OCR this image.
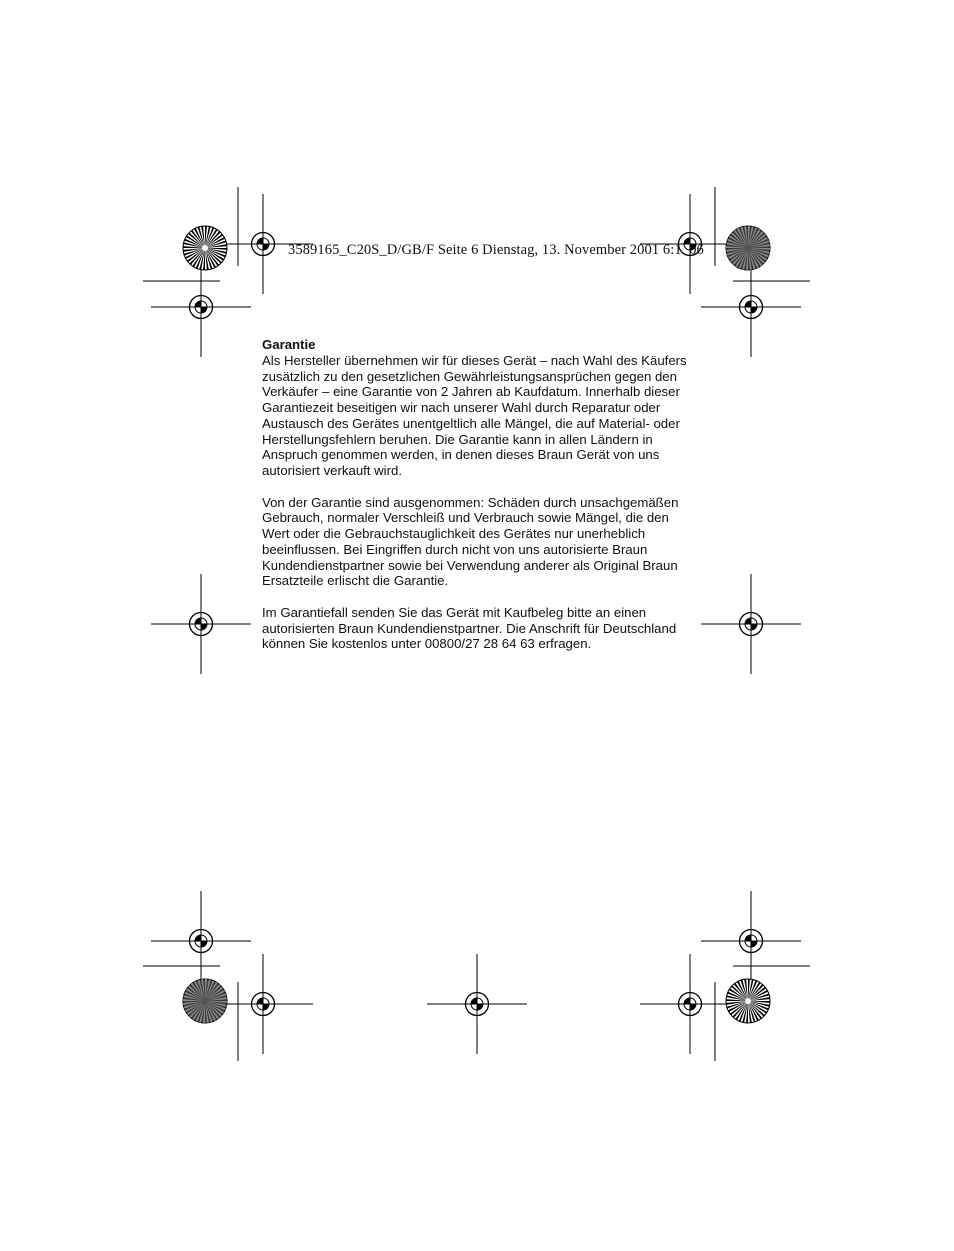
3589165_C20S_D/GB/F Seite 6 Dienstag, 13. November 2001 6:1  06
Garantie

Als Hersteller übernehmen wir für dieses Gerät – nach Wahl des Käufers
zusätzlich zu den gesetzlichen Gewährleistungsansprüchen gegen den
Verkäufer – eine Garantie von 2 Jahren ab Kaufdatum. Innerhalb dieser
Garantiezeit beseitigen wir nach unserer Wahl durch Reparatur oder
Austausch des Gerätes unentgeltlich alle Mängel, die auf Material- oder
Herstellungsfehlern beruhen. Die Garantie kann in allen Ländern in
Anspruch genommen werden, in denen dieses Braun Gerät von uns
autorisiert verkauft wird.

Von der Garantie sind ausgenommen: Schäden durch unsachgemäßen
Gebrauch, normaler Verschleiß und Verbrauch sowie Mängel, die den
Wert oder die Gebrauchstauglichkeit des Gerätes nur unerheblich
beeinflussen. Bei Eingriffen durch nicht von uns autorisierte Braun
Kundendienstpartner sowie bei Verwendung anderer als Original Braun
Ersatzteile erlischt die Garantie.

Im Garantiefall senden Sie das Gerät mit Kaufbeleg bitte an einen
autorisierten Braun Kundendienstpartner. Die Anschrift für Deutschland
können Sie kostenlos unter 00800/27 28 64 63 erfragen.
